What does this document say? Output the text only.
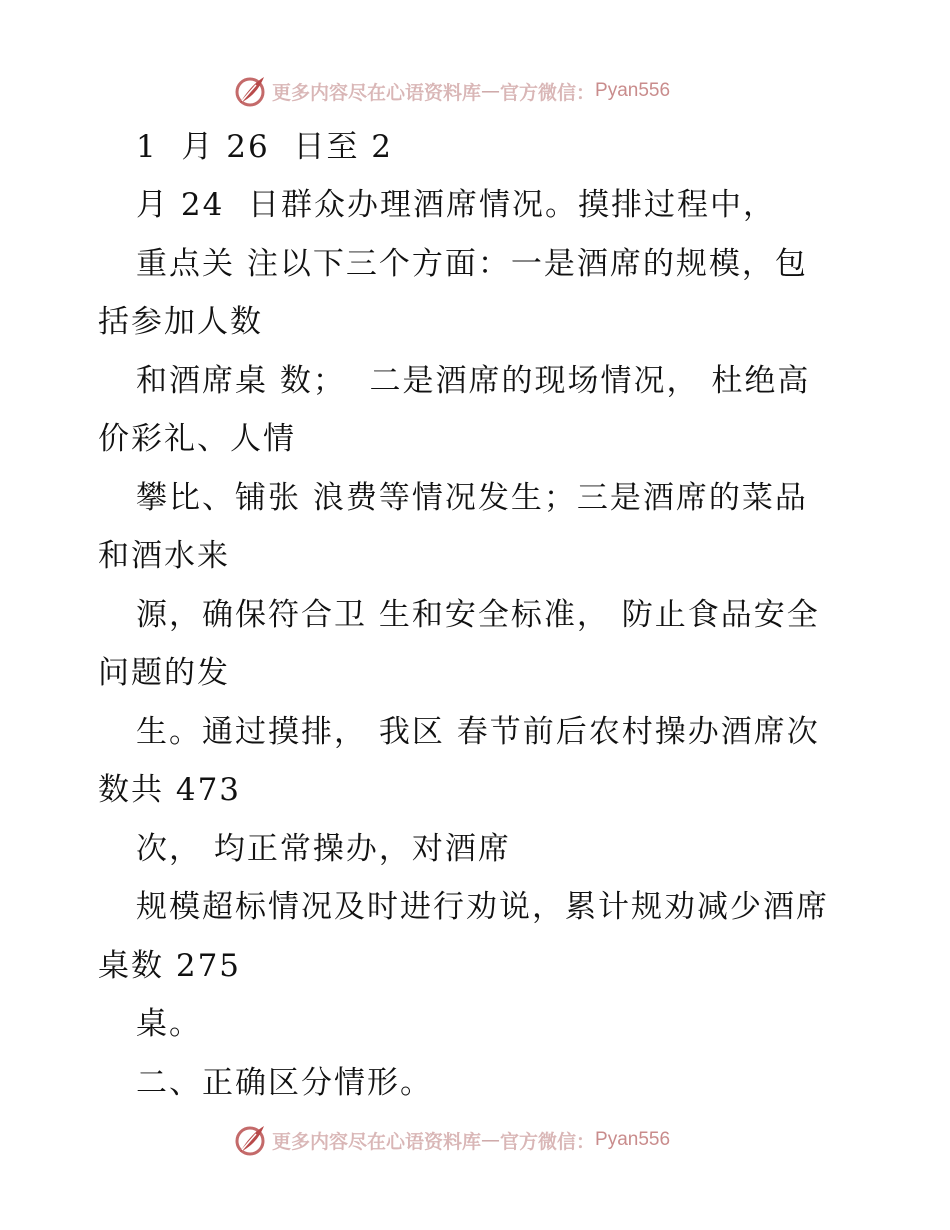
更多内容尽在心语资料库 — 官方微信： Pyan556
1  月 26  日至 2
月 24  日群众办理酒席情况。摸排过程中，
重点关 注以下三个方面：一是酒席的规模，包
括参加人数
和酒席桌 数；  二是酒席的现场情况， 杜绝高
价彩礼、人情
攀比、铺张 浪费等情况发生；三是酒席的菜品
和酒水来
源，确保符合卫 生和安全标准， 防止食品安全
问题的发
生。通过摸排， 我区 春节前后农村操办酒席次
数共 473
次， 均正常操办，对酒席
规模超标情况及时进行劝说，累计规劝减少酒席
桌数 275
桌。
二、正确区分情形。
更多内容尽在心语资料库 — 官方微信： Pyan556
